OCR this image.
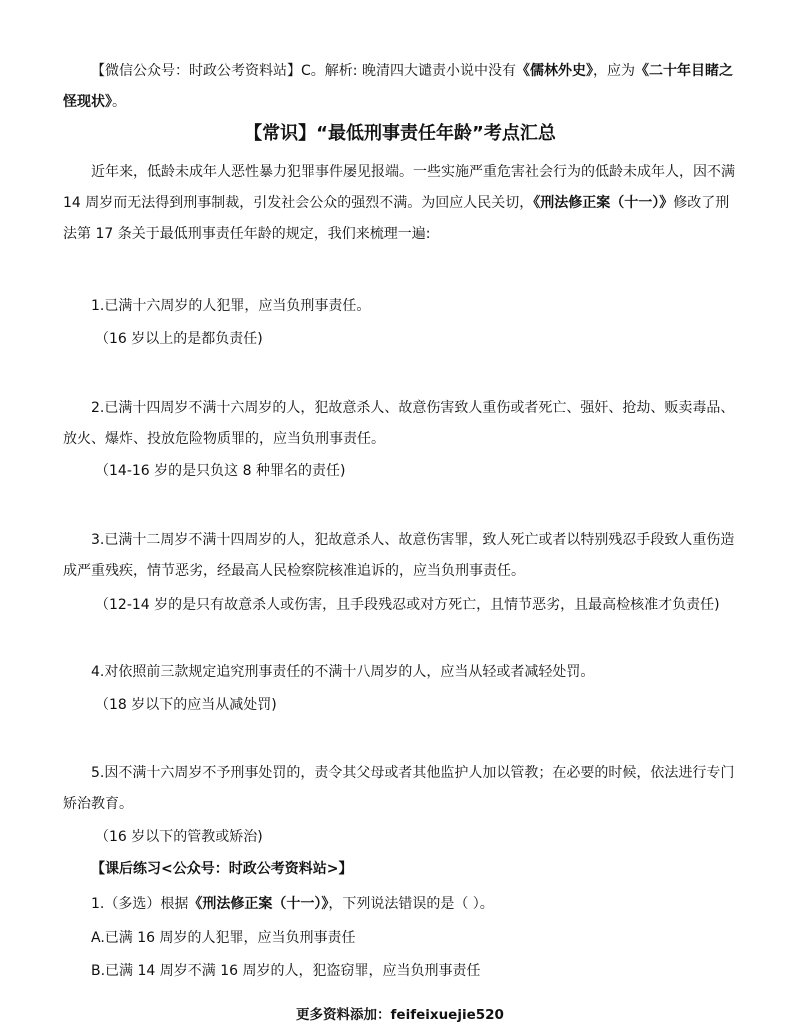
【微信公众号：时政公考资料站】C。解析: 晚清四大谴责小说中没有《儒林外史》，应为《二十年目睹之

怪现状》。

【常识】“最低刑事责任年龄”考点汇总

近年来，低龄未成年人恶性暴力犯罪事件屡见报端。一些实施严重危害社会行为的低龄未成年人，因不满 14 周岁而无法得到刑事制裁，引发社会公众的强烈不满。为回应人民关切，《刑法修正案（十一）》修改了刑法第 17 条关于最低刑事责任年龄的规定，我们来梳理一遍:

1.已满十六周岁的人犯罪，应当负刑事责任。

（16 岁以上的是都负责任)

2.已满十四周岁不满十六周岁的人，犯故意杀人、故意伤害致人重伤或者死亡、强奸、抢劫、贩卖毒品、放火、爆炸、投放危险物质罪的，应当负刑事责任。

（14-16 岁的是只负这 8 种罪名的责任)

3.已满十二周岁不满十四周岁的人，犯故意杀人、故意伤害罪，致人死亡或者以特别残忍手段致人重伤造成严重残疾，情节恶劣，经最高人民检察院核准追诉的，应当负刑事责任。

（12-14 岁的是只有故意杀人或伤害，且手段残忍或对方死亡，且情节恶劣，且最高检核准才负责任)

4.对依照前三款规定追究刑事责任的不满十八周岁的人，应当从轻或者减轻处罚。

（18 岁以下的应当从减处罚)

5.因不满十六周岁不予刑事处罚的，责令其父母或者其他监护人加以管教；在必要的时候，依法进行专门矫治教育。

（16 岁以下的管教或矫治)

【课后练习<公众号：时政公考资料站>】

1.（多选）根据《刑法修正案（十一）》，下列说法错误的是（ ）。

A.已满 16 周岁的人犯罪，应当负刑事责任

B.已满 14 周岁不满 16 周岁的人，犯盗窃罪，应当负刑事责任

更多资料添加：feifeixuejie520
